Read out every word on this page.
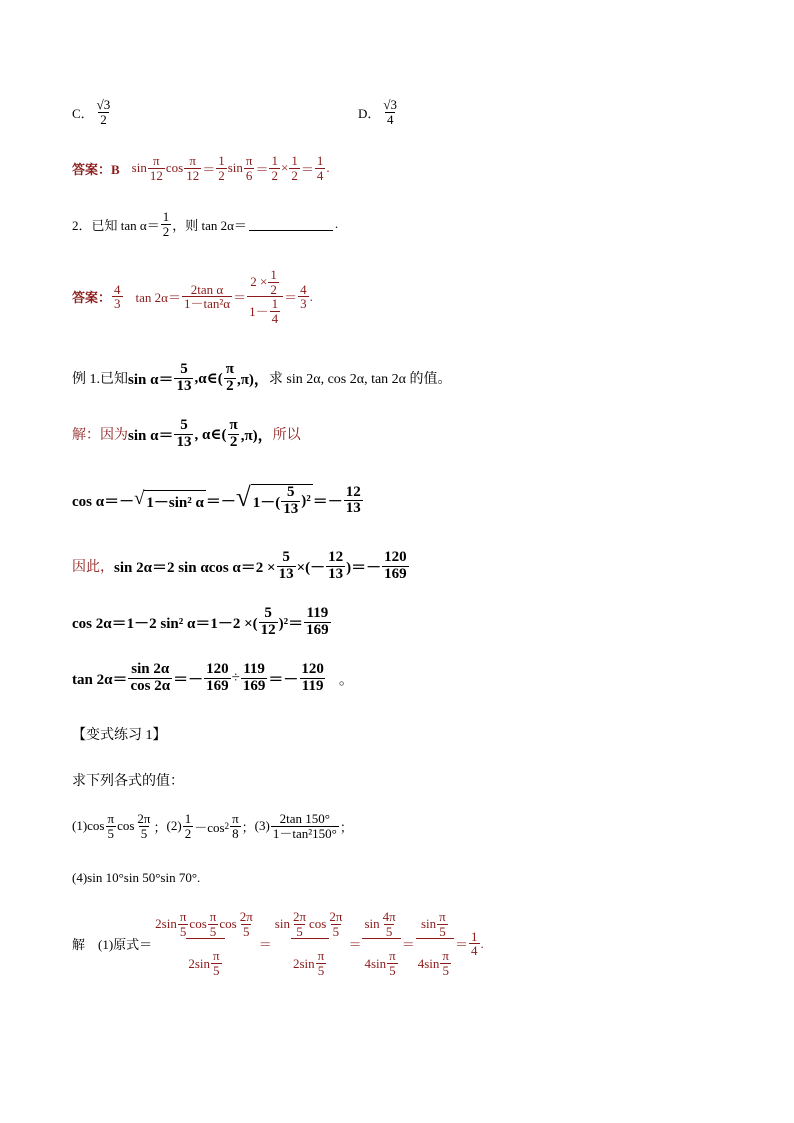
C． $\frac{√3}{2}$	D． $\frac{√3}{4}$
答案：B $\sin \frac{\pi}{12}$ $\cos \frac{\pi}{12} = \frac{1}{2}$ $\sin \frac{\pi}{6} = \frac{1}{2} \times \frac{1}{2} = \frac{1}{4}$ .
2．已知 $\tan \alpha= \frac{1}{2}$ ，则 tan 2α＝	.
答案： $\frac{4}{3}$ $\tan 2\alpha= \frac{\text{2tan α}}{\text{1－tan²α}} = \frac{2 \times \frac{1}{2}}{1- \frac{1}{4}} = \frac{4}{3}$ .
例 1.已知 $\sin \alpha= \frac{5}{13}$ , α∈( $\frac{\pi}{2} ,\pi$)， 求 sin 2α, cos 2α, tan 2α 的值。
解：因为 $\sin \alpha= \frac{5}{13}$ , α∈( $\frac{\pi}{2} ,\pi$)， 所以
cos α＝－ √ 1－sin² α ＝－ √ $1-( \frac{5}{13} )^2 =- \frac{12}{13}$
因此， sin 2α＝2 sin αcos $\alpha=2 \times \frac{5}{13}$ ×(－ $\frac{12}{13}$ )＝－ $\frac{120}{169}$
cos 2α＝1－2 sin² α＝1－2 ×( $\frac{5}{12} )^2= \frac{119}{169}$
$\tan 2\alpha= \frac{\sin 2\alpha}{\cos 2\alpha} =- \frac{120}{169} \div \frac{119}{169} =- \frac{120}{119}$ 。
【变式练习 1】
求下列各式的值：
$(1)\cos \frac{\pi}{5}$ $\cos \frac{2\pi}{5}$ ； $(2) \frac{1}{2} -\cos$ $2 \frac{\pi}{8}$ ； $(3) \frac{2\tan 150^\circ}{\text{1－tan²150°}}$ ；
(4)sin 10°sin 50°sin 70°.
解　(1)原式＝
$2\sin \frac{\pi}{5}$ $\cos \frac{\pi}{5}$ $\cos \frac{2\pi}{5}$
$2\sin \frac{\pi}{5}$
＝ $\frac{\sin \frac{2\pi}{5} \cos \frac{2\pi}{5}}{2\sin \frac{\pi}{5}} = \frac{\sin \frac{4\pi}{5}}{4\sin \frac{\pi}{5}} = \frac{\sin \frac{\pi}{5}}{4\sin \frac{\pi}{5}} = \frac{1}{4}$ .
